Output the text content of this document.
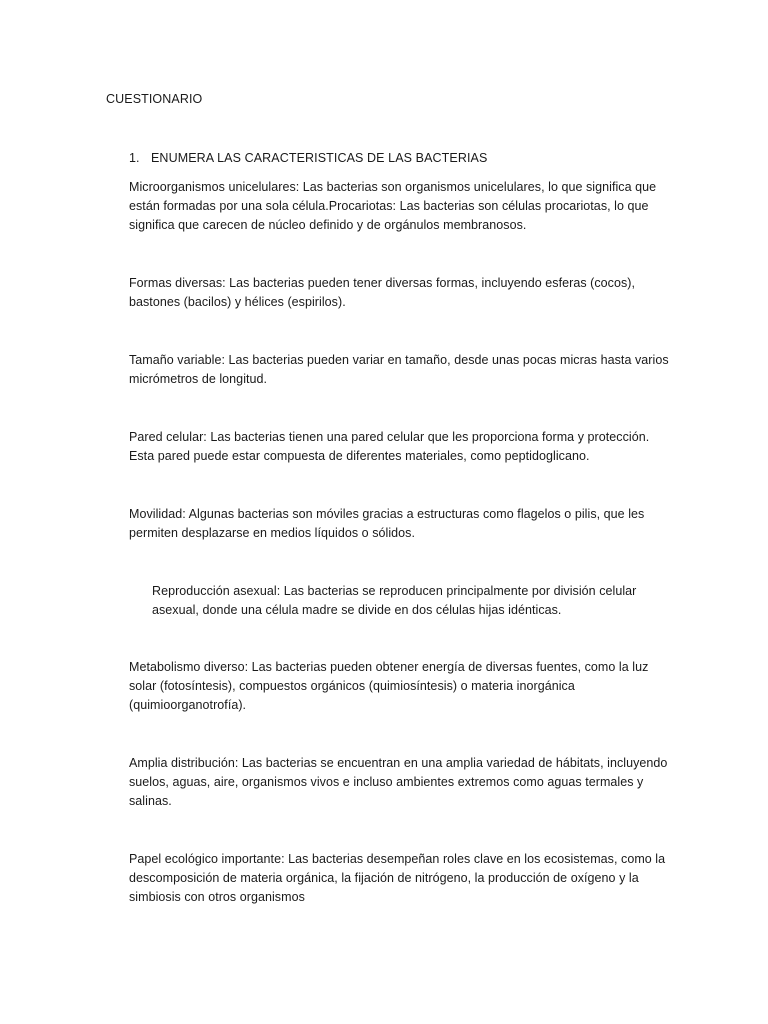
CUESTIONARIO
1. ENUMERA LAS CARACTERISTICAS DE LAS BACTERIAS

Microorganismos unicelulares: Las bacterias son organismos unicelulares, lo que significa que están formadas por una sola célula.Procariotas: Las bacterias son células procariotas, lo que significa que carecen de núcleo definido y de orgánulos membranosos.

Formas diversas: Las bacterias pueden tener diversas formas, incluyendo esferas (cocos), bastones (bacilos) y hélices (espirilos).

Tamaño variable: Las bacterias pueden variar en tamaño, desde unas pocas micras hasta varios micrómetros de longitud.

Pared celular: Las bacterias tienen una pared celular que les proporciona forma y protección. Esta pared puede estar compuesta de diferentes materiales, como peptidoglicano.

Movilidad: Algunas bacterias son móviles gracias a estructuras como flagelos o pilis, que les permiten desplazarse en medios líquidos o sólidos.

Reproducción asexual: Las bacterias se reproducen principalmente por división celular asexual, donde una célula madre se divide en dos células hijas idénticas.

Metabolismo diverso: Las bacterias pueden obtener energía de diversas fuentes, como la luz solar (fotosíntesis), compuestos orgánicos (quimiosíntesis) o materia inorgánica (quimioorganotrofía).

Amplia distribución: Las bacterias se encuentran en una amplia variedad de hábitats, incluyendo suelos, aguas, aire, organismos vivos e incluso ambientes extremos como aguas termales y salinas.

Papel ecológico importante: Las bacterias desempeñan roles clave en los ecosistemas, como la descomposición de materia orgánica, la fijación de nitrógeno, la producción de oxígeno y la simbiosis con otros organismos
